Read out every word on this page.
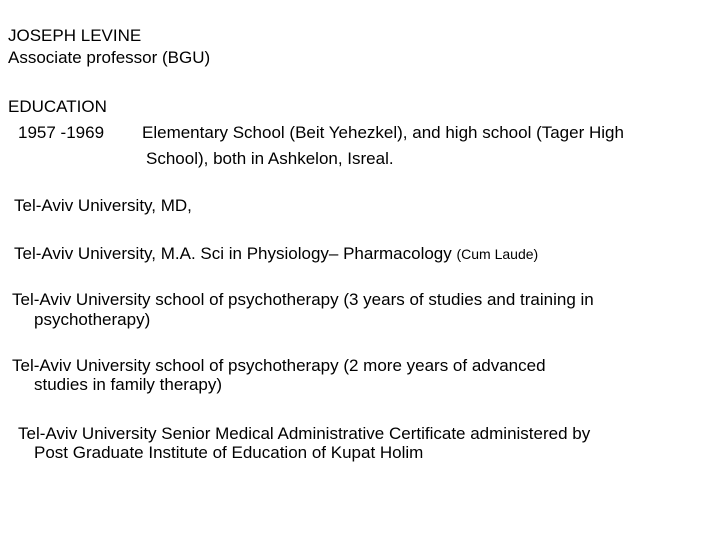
JOSEPH LEVINE
Associate professor (BGU)
EDUCATION
1957 -1969 Elementary School (Beit Yehezkel), and high school (Tager High
School), both in Ashkelon, Isreal.
Tel-Aviv University, MD,
Tel-Aviv University, M.A. Sci in Physiology– Pharmacology (Cum Laude)
Tel-Aviv University school of psychotherapy (3 years of studies and training in
psychotherapy)
Tel-Aviv University school of psychotherapy (2 more years of advanced
studies in family therapy)
Tel-Aviv University Senior Medical Administrative Certificate administered by
Post Graduate Institute of Education of Kupat Holim
